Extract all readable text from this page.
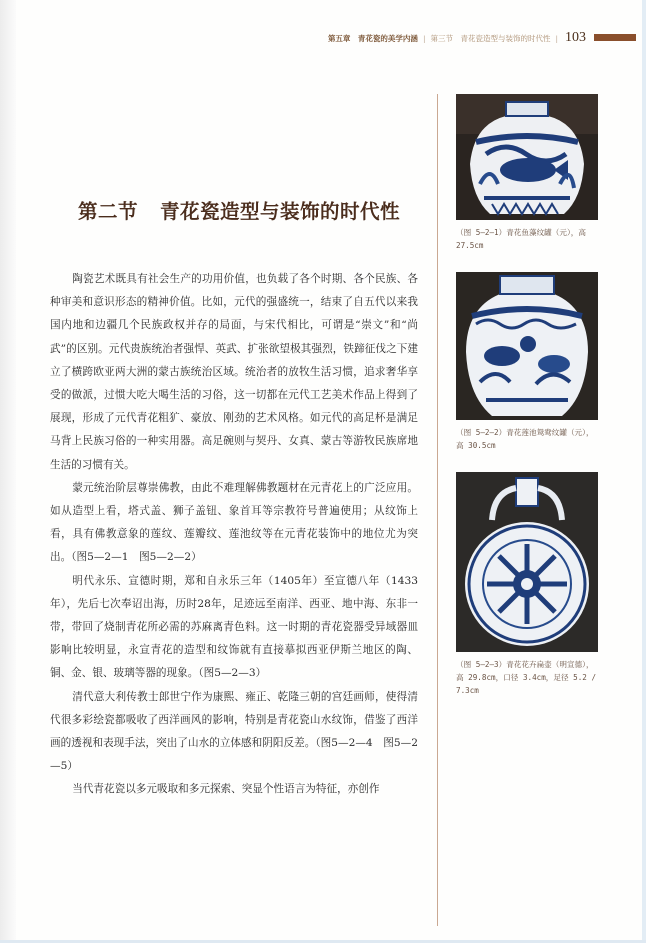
第五章　青花瓷的美学内涵 | 第三节　青花瓷造型与装饰的时代性 | 103
第二节 青花瓷造型与装饰的时代性

陶瓷艺术既具有社会生产的功用价值，也负载了各个时期、各个民族、各种审美和意识形态的精神价值。比如，元代的强盛统一，结束了自五代以来我国内地和边疆几个民族政权并存的局面，与宋代相比，可谓是“崇文”和“尚武”的区别。元代贵族统治者强悍、英武、扩张欲望极其强烈，铁蹄征伐之下建立了横跨欧亚两大洲的蒙古族统治区域。统治者的放牧生活习惯，追求奢华享受的做派，过惯大吃大喝生活的习俗，这一切都在元代工艺美术作品上得到了展现，形成了元代青花粗犷、豪放、刚劲的艺术风格。如元代的高足杯是满足马背上民族习俗的一种实用器。高足碗则与契丹、女真、蒙古等游牧民族席地生活的习惯有关。

蒙元统治阶层尊崇佛教，由此不难理解佛教题材在元青花上的广泛应用。如从造型上看，塔式盖、狮子盖钮、象首耳等宗教符号普遍使用；从纹饰上看，具有佛教意象的莲纹、莲瓣纹、莲池纹等在元青花装饰中的地位尤为突出。（图5—2—1　图5—2—2）

明代永乐、宣德时期，郑和自永乐三年（1405年）至宣德八年（1433年），先后七次奉诏出海，历时28年，足迹远至南洋、西亚、地中海、东非一带，带回了烧制青花所必需的苏麻离青色料。这一时期的青花瓷器受异域器皿影响比较明显，永宣青花的造型和纹饰就有直接摹拟西亚伊斯兰地区的陶、铜、金、银、玻璃等器的现象。（图5—2—3）

清代意大利传教士郎世宁作为康熙、雍正、乾隆三朝的宫廷画师，使得清代很多彩绘瓷都吸收了西洋画风的影响，特别是青花瓷山水纹饰，借鉴了西洋画的透视和表现手法，突出了山水的立体感和阴阳反差。（图5—2—4　图5—2—5）

当代青花瓷以多元吸取和多元探索、突显个性语言为特征，亦创作

（图 5—2—1）青花鱼藻纹罐（元），高 27.5cm
（图 5—2—2）青花莲池鸳鸯纹罐（元），高 30.5cm
（图 5—2—3）青花花卉扁壶（明宣德），高 29.8cm，口径 3.4cm，足径 5.2 / 7.3cm
